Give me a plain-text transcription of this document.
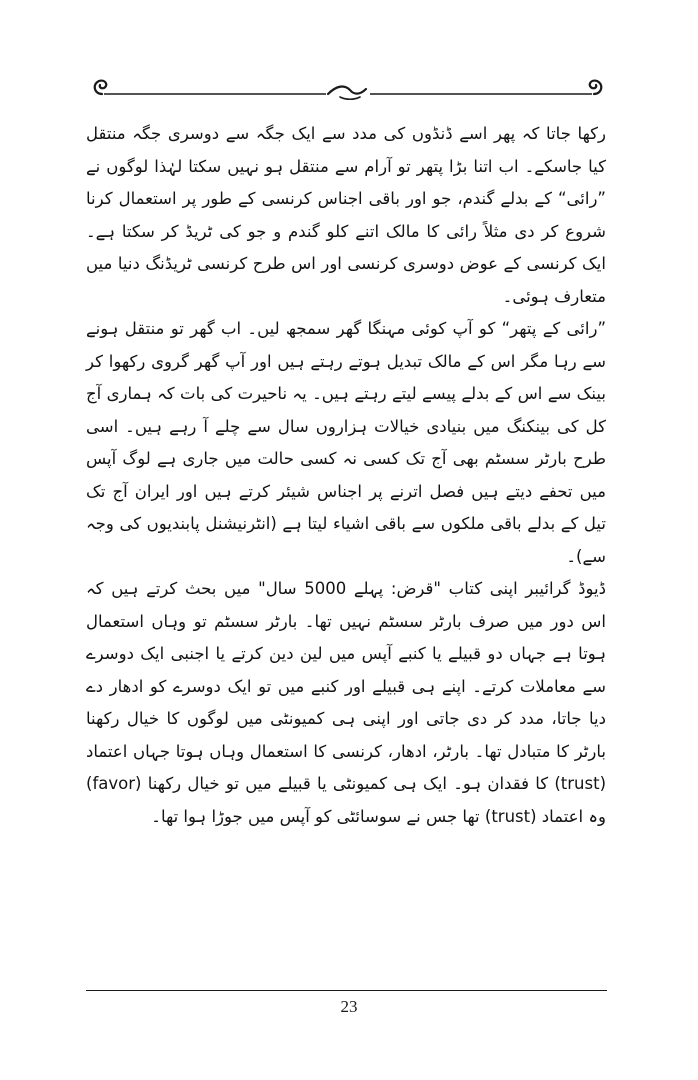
رکھا جاتا کہ پھر اسے ڈنڈوں کی مدد سے ایک جگہ سے دوسری جگہ منتقل کیا جاسکے۔ اب اتنا بڑا پتھر تو آرام سے منتقل ہو نہیں سکتا لہٰذا لوگوں نے ”رائی“ کے بدلے گندم، جو اور باقی اجناس کرنسی کے طور پر استعمال کرنا شروع کر دی مثلاً رائی کا مالک اتنے کلو گندم و جو کی ٹریڈ کر سکتا ہے۔ ایک کرنسی کے عوض دوسری کرنسی اور اس طرح کرنسی ٹریڈنگ دنیا میں متعارف ہوئی۔

”رائی کے پتھر“ کو آپ کوئی مہنگا گھر سمجھ لیں۔ اب گھر تو منتقل ہونے سے رہا مگر اس کے مالک تبدیل ہوتے رہتے ہیں اور آپ گھر گروی رکھوا کر بینک سے اس کے بدلے پیسے لیتے رہتے ہیں۔ یہ ناحیرت کی بات کہ ہماری آج کل کی بینکنگ میں بنیادی خیالات ہزاروں سال سے چلے آ رہے ہیں۔ اسی طرح بارٹر سسٹم بھی آج تک کسی نہ کسی حالت میں جاری ہے لوگ آپس میں تحفے دیتے ہیں فصل اترنے پر اجناس شیئر کرتے ہیں اور ایران آج تک تیل کے بدلے باقی ملکوں سے باقی اشیاء لیتا ہے (انٹرنیشنل پابندیوں کی وجہ سے)۔

ڈیوڈ گرائیبر اپنی کتاب "قرض: پہلے 5000 سال" میں بحث کرتے ہیں کہ اس دور میں صرف بارٹر سسٹم نہیں تھا۔ بارٹر سسٹم تو وہاں استعمال ہوتا ہے جہاں دو قبیلے یا کنبے آپس میں لین دین کرتے یا اجنبی ایک دوسرے سے معاملات کرتے۔ اپنے ہی قبیلے اور کنبے میں تو ایک دوسرے کو ادھار دے دیا جاتا، مدد کر دی جاتی اور اپنی ہی کمیونٹی میں لوگوں کا خیال رکھنا بارٹر کا متبادل تھا۔ بارٹر، ادھار، کرنسی کا استعمال وہاں ہوتا جہاں اعتماد (trust) کا فقدان ہو۔ ایک ہی کمیونٹی یا قبیلے میں تو خیال رکھنا (favor) وہ اعتماد (trust) تھا جس نے سوسائٹی کو آپس میں جوڑا ہوا تھا۔

23
